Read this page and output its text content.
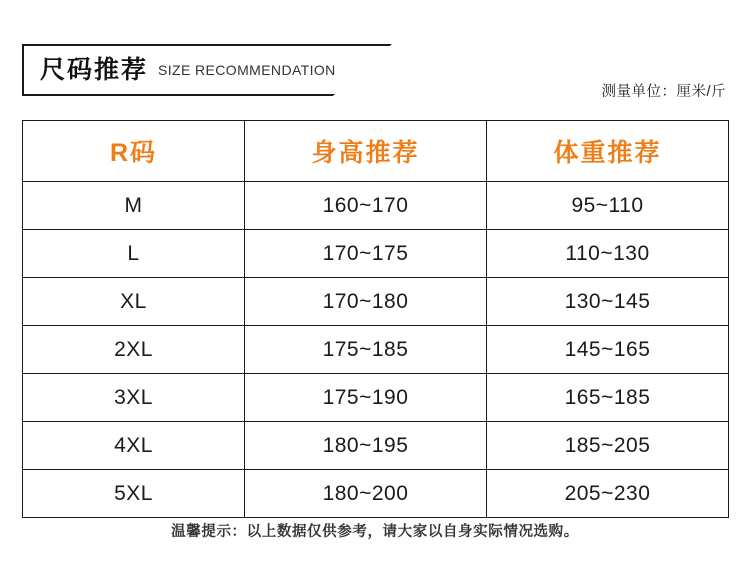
尺码推荐 SIZE RECOMMENDATION
测量单位：厘米/斤
R码	身高推荐	体重推荐
M	160~170	95~110
L	170~175	110~130
XL	170~180	130~145
2XL	175~185	145~165
3XL	175~190	165~185
4XL	180~195	185~205
5XL	180~200	205~230
温馨提示：以上数据仅供参考，请大家以自身实际情况选购。
